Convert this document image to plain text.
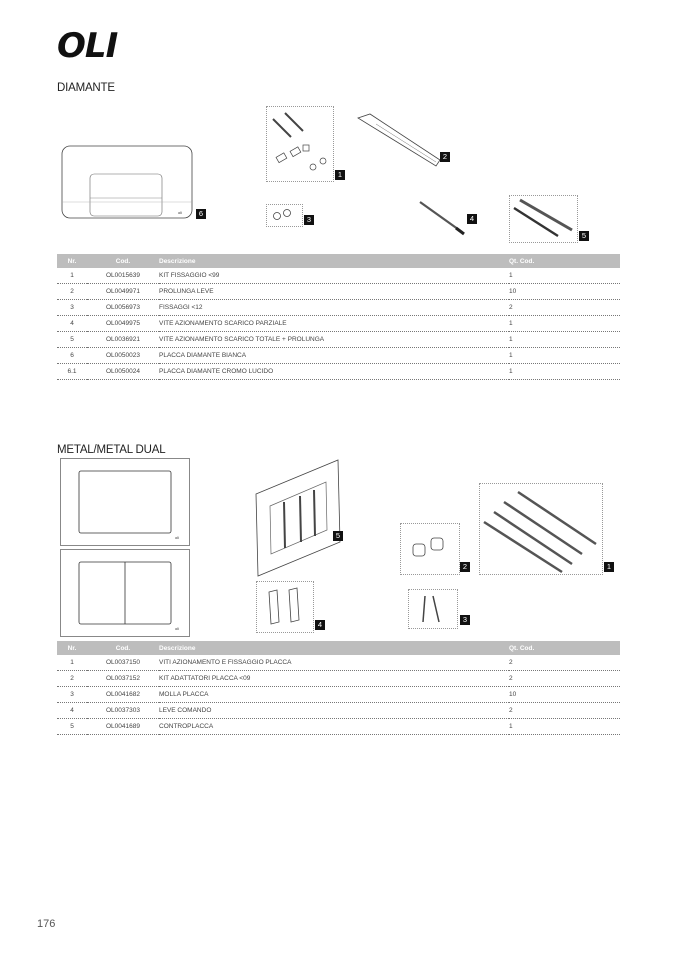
OLI
DIAMANTE
oli	6
1
2
3	4
5
Nr.	Cod.	Descrizione	Qt. Cod.
1	OL0015639	KIT FISSAGGIO <99	1
2	OL0049971	PROLUNGA LEVE	10
3	OL0056973	FISSAGGI <12	2
4	OL0049975	VITE AZIONAMENTO SCARICO PARZIALE	1
5	OL0036921	VITE AZIONAMENTO SCARICO TOTALE + PROLUNGA	1
6	OL0050023	PLACCA DIAMANTE BIANCA	1
6.1	OL0050024	PLACCA DIAMANTE CROMO LUCIDO	1
METAL/METAL DUAL
oli
oli
5
2	1
4
3
Nr.	Cod.	Descrizione	Qt. Cod.
1	OL0037150	VITI AZIONAMENTO E FISSAGGIO PLACCA	2
2	OL0037152	KIT ADATTATORI PLACCA <09	2
3	OL0041682	MOLLA PLACCA	10
4	OL0037303	LEVE COMANDO	2
5	OL0041689	CONTROPLACCA	1
176
